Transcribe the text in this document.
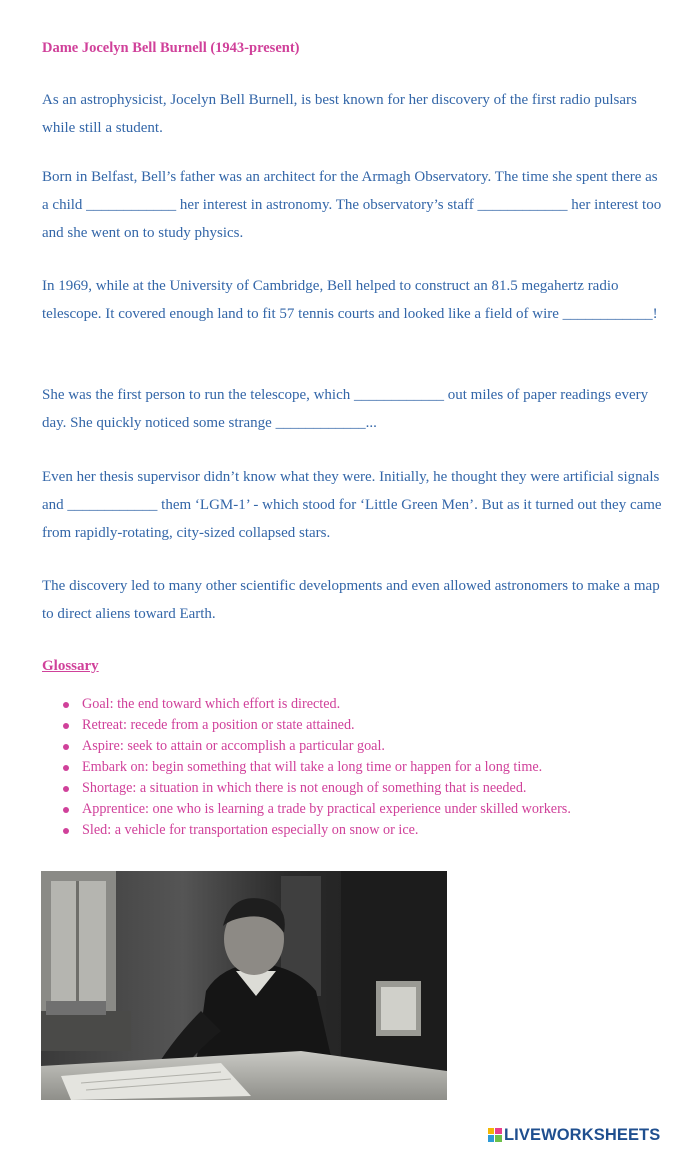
Dame Jocelyn Bell Burnell (1943-present)
As an astrophysicist, Jocelyn Bell Burnell, is best known for her discovery of the first radio pulsars while still a student.
Born in Belfast, Bell’s father was an architect for the Armagh Observatory. The time she spent there as a child ____________ her interest in astronomy. The observatory’s staff ____________ her interest too and she went on to study physics.
In 1969, while at the University of Cambridge, Bell helped to construct an 81.5 megahertz radio telescope. It covered enough land to fit 57 tennis courts and looked like a field of wire ____________!
She was the first person to run the telescope, which ____________ out miles of paper readings every day. She quickly noticed some strange ____________...
Even her thesis supervisor didn’t know what they were. Initially, he thought they were artificial signals and ____________ them ‘LGM-1’ - which stood for ‘Little Green Men’. But as it turned out they came from rapidly-rotating, city-sized collapsed stars.
The discovery led to many other scientific developments and even allowed astronomers to make a map to direct aliens toward Earth.
Glossary
Goal: the end toward which effort is directed.
Retreat: recede from a position or state attained.
Aspire: seek to attain or accomplish a particular goal.
Embark on: begin something that will take a long time or happen for a long time.
Shortage: a situation in which there is not enough of something that is needed.
Apprentice: one who is learning a trade by practical experience under skilled workers.
Sled: a vehicle for transportation especially on snow or ice.
LIVEWORKSHEETS
